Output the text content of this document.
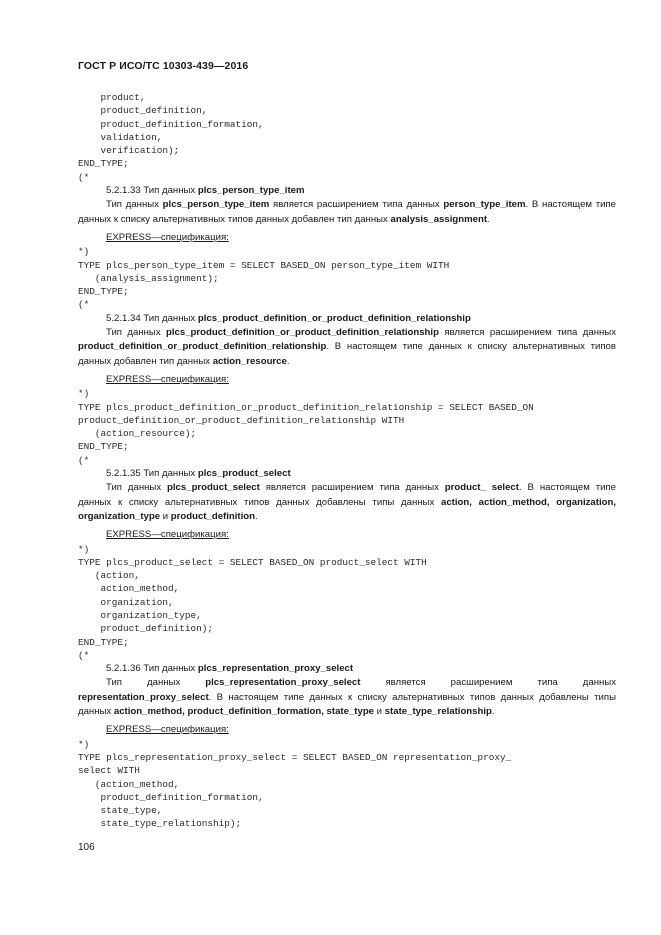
ГОСТ Р ИСО/ТС 10303-439—2016
product,
product_definition,
product_definition_formation,
validation,
verification);
END_TYPE;
(*

5.2.1.33 Тип данных plcs_person_type_item

Тип данных plcs_person_type_item является расширением типа данных person_type_item. В настоящем типе данных к списку альтернативных типов данных добавлен тип данных analysis_assignment.

EXPRESS—спецификация:

*)
TYPE plcs_person_type_item = SELECT BASED_ON person_type_item WITH
(analysis_assignment);
END_TYPE;
(*

5.2.1.34 Тип данных plcs_product_definition_or_product_definition_relationship

Тип данных plcs_product_definition_or_product_definition_relationship является расширением типа данных product_definition_or_product_definition_relationship. В настоящем типе данных к списку альтернативных типов данных добавлен тип данных action_resource.

EXPRESS—спецификация:

*)
TYPE plcs_product_definition_or_product_definition_relationship = SELECT BASED_ON
product_definition_or_product_definition_relationship WITH
(action_resource);
END_TYPE;
(*

5.2.1.35 Тип данных plcs_product_select

Тип данных plcs_product_select является расширением типа данных product_ select. В настоящем типе данных к списку альтернативных типов данных добавлены типы данных action, action_method, organization, organization_type и product_definition.

EXPRESS—спецификация:

*)
TYPE plcs_product_select = SELECT BASED_ON product_select WITH
(action,
action_method,
organization,
organization_type,
product_definition);
END_TYPE;
(*

5.2.1.36 Тип данных plcs_representation_proxy_select

Тип данных plcs_representation_proxy_select является расширением типа данных representation_proxy_select. В настоящем типе данных к списку альтернативных типов данных добавлены типы данных action_method, product_definition_formation, state_type и state_type_relationship.

EXPRESS—спецификация:

*)
TYPE plcs_representation_proxy_select = SELECT BASED_ON representation_proxy_
select WITH
(action_method,
product_definition_formation,
state_type,
state_type_relationship);
106
